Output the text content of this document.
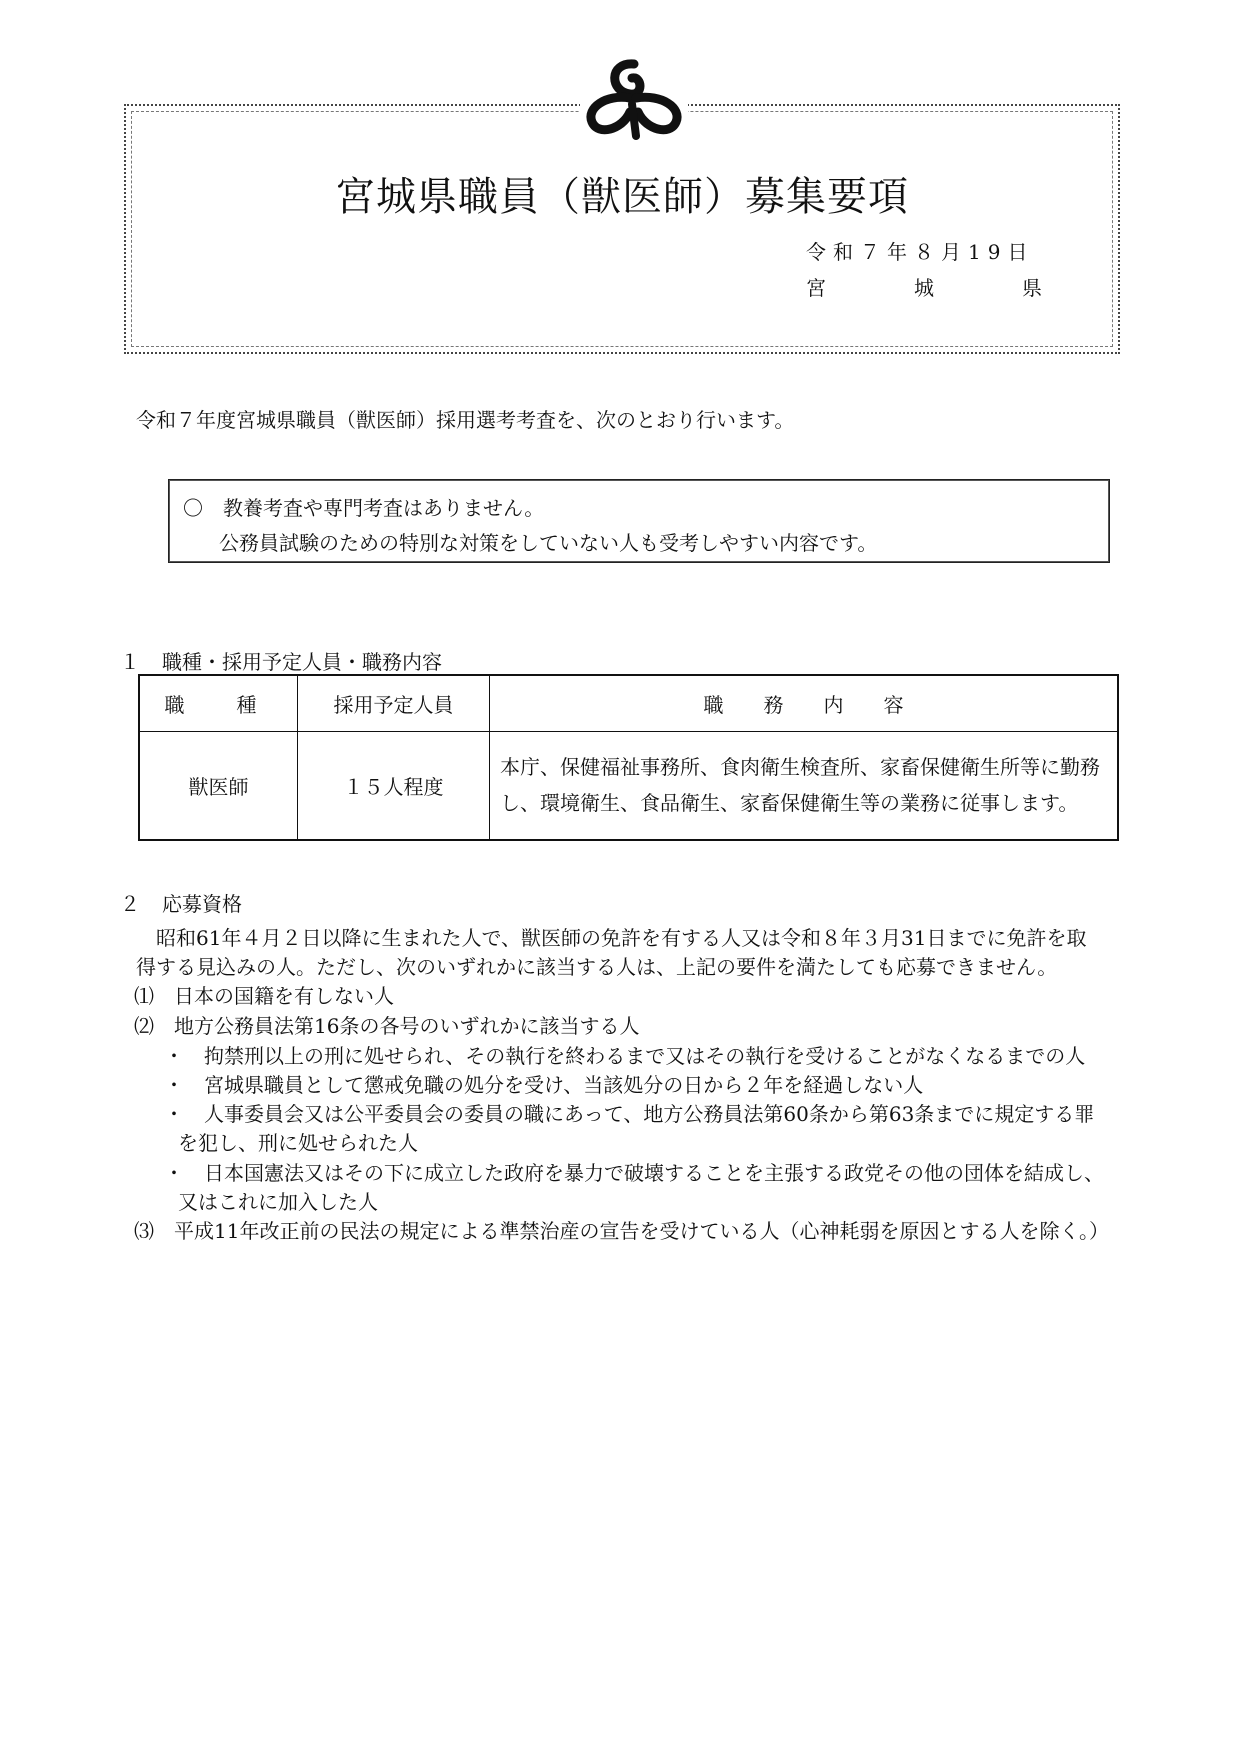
宮城県職員（獣医師）募集要項
令和７年８月19日
宮	城	県
令和７年度宮城県職員（獣医師）採用選考考査を、次のとおり行います。
〇　 教養考査や専門考査はありません。
公務員試験のための特別な対策をしていない人も受考しやすい内容です。
１ 職種・採用予定人員・職務内容
職　種	採用予定人員	職　　務　　内　　容
獣医師	１５人程度	本庁、保健福祉事務所、食肉衛生検査所、家畜保健衛生所等に勤務し、環境衛生、食品衛生、家畜保健衛生等の業務に従事します。
２ 応募資格
昭和61年４月２日以降に生まれた人で、獣医師の免許を有する人又は令和８年３月31日までに免許を取
得する見込みの人。ただし、次のいずれかに該当する人は、上記の要件を満たしても応募できません。
⑴　 日本の国籍を有しない人
⑵　 地方公務員法第16条の各号のいずれかに該当する人
・　 拘禁刑以上の刑に処せられ、その執行を終わるまで又はその執行を受けることがなくなるまでの人
・　 宮城県職員として懲戒免職の処分を受け、当該処分の日から２年を経過しない人
・　 人事委員会又は公平委員会の委員の職にあって、地方公務員法第60条から第63条までに規定する罪
を犯し、刑に処せられた人
・　 日本国憲法又はその下に成立した政府を暴力で破壊することを主張する政党その他の団体を結成し、
又はこれに加入した人
⑶　 平成11年改正前の民法の規定による準禁治産の宣告を受けている人（心神耗弱を原因とする人を除く。）
